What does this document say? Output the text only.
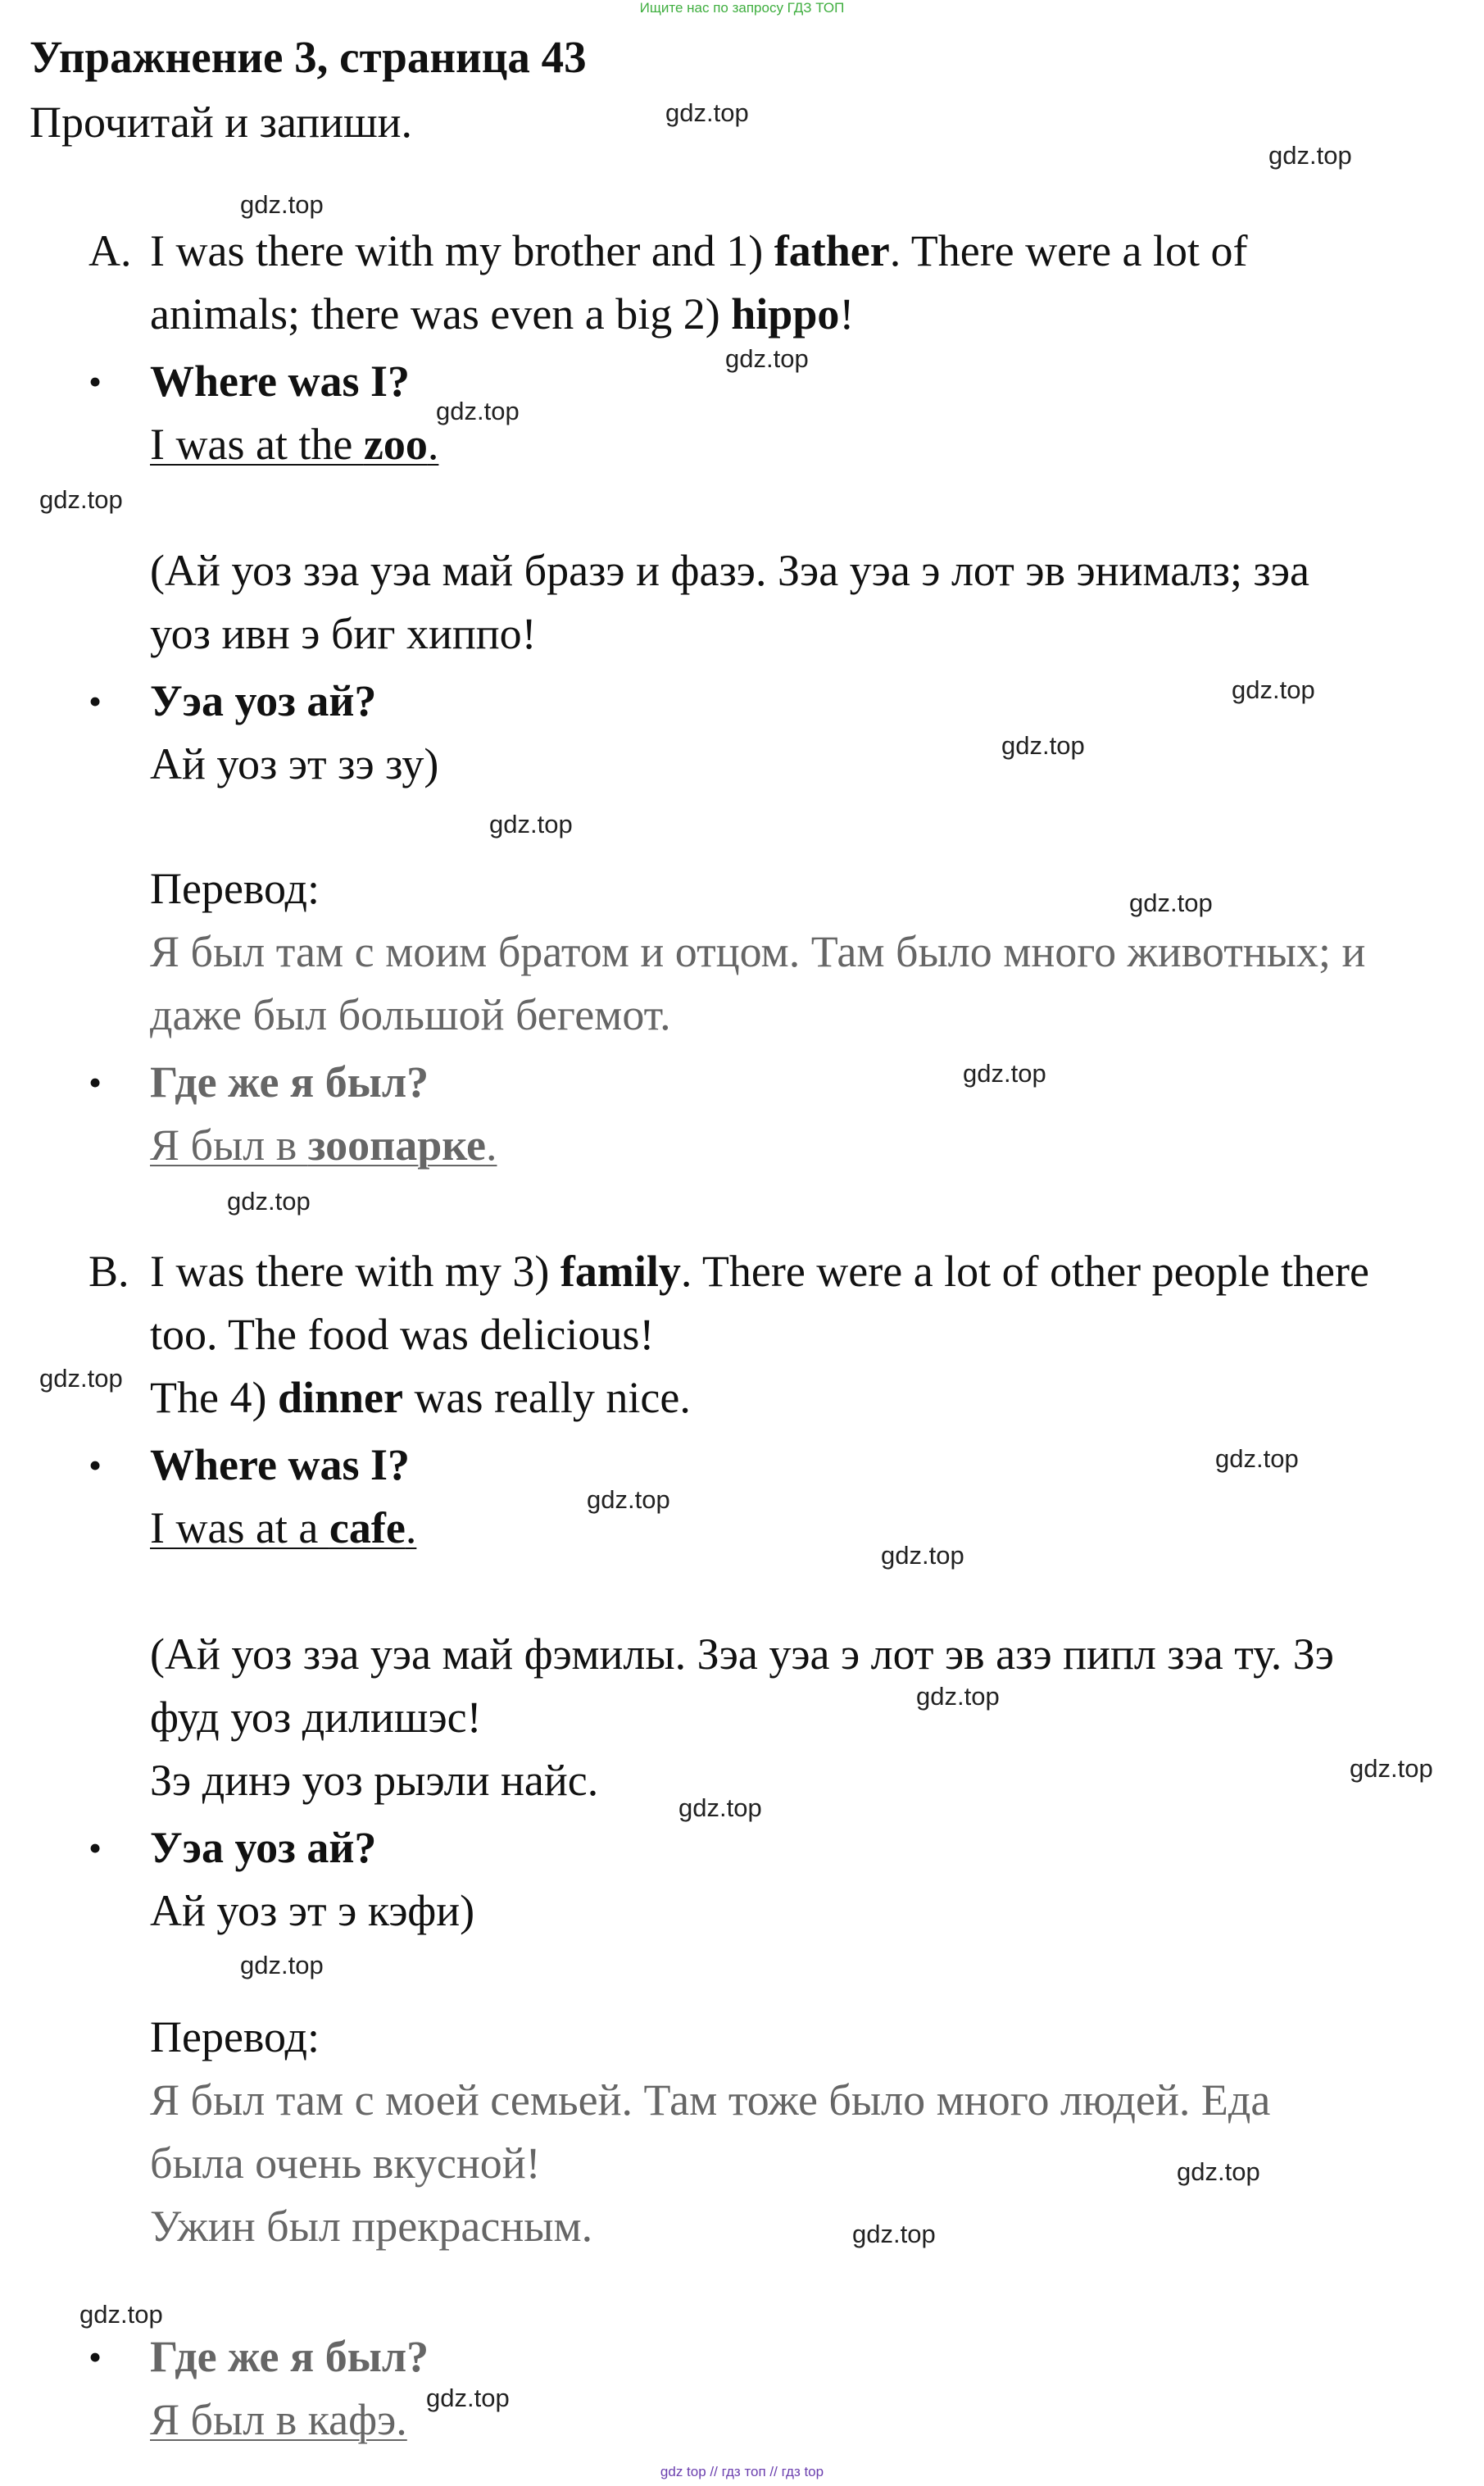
Ищите нас по запросу ГДЗ ТОП
Упражнение 3, страница 43
Прочитай и запиши.
A. I was there with my brother and 1) father. There were a lot of
animals; there was even a big 2) hippo!
• Where was I?
I was at the zoo.
(Ай уоз зэа уэа май бразэ и фазэ. Зэа уэа э лот эв энималз; зэа
уоз ивн э биг хиппо!
• Уэа уоз ай?
Ай уоз эт зэ зу)
Перевод:
Я был там с моим братом и отцом. Там было много животных; и
даже был большой бегемот.
• Где же я был?
Я был в зоопарке.
B. I was there with my 3) family. There were a lot of other people there
too. The food was delicious!
The 4) dinner was really nice.
• Where was I?
I was at a cafe.
(Ай уоз зэа уэа май фэмилы. Зэа уэа э лот эв азэ пипл зэа ту. Зэ
фуд уоз дилишэс!
Зэ динэ уоз рыэли найс.
• Уэа уоз ай?
Ай уоз эт э кэфи)
Перевод:
Я был там с моей семьей. Там тоже было много людей. Еда
была очень вкусной!
Ужин был прекрасным.
• Где же я был?
Я был в кафэ.
gdz.top
gdz.top
gdz.top
gdz.top
gdz.top
gdz.top
gdz.top
gdz.top
gdz.top
gdz.top
gdz.top
gdz.top
gdz.top
gdz.top
gdz.top
gdz.top
gdz.top
gdz.top
gdz.top
gdz.top
gdz.top
gdz.top
gdz.top
gdz.top
gdz top // гдз топ // гдз top
